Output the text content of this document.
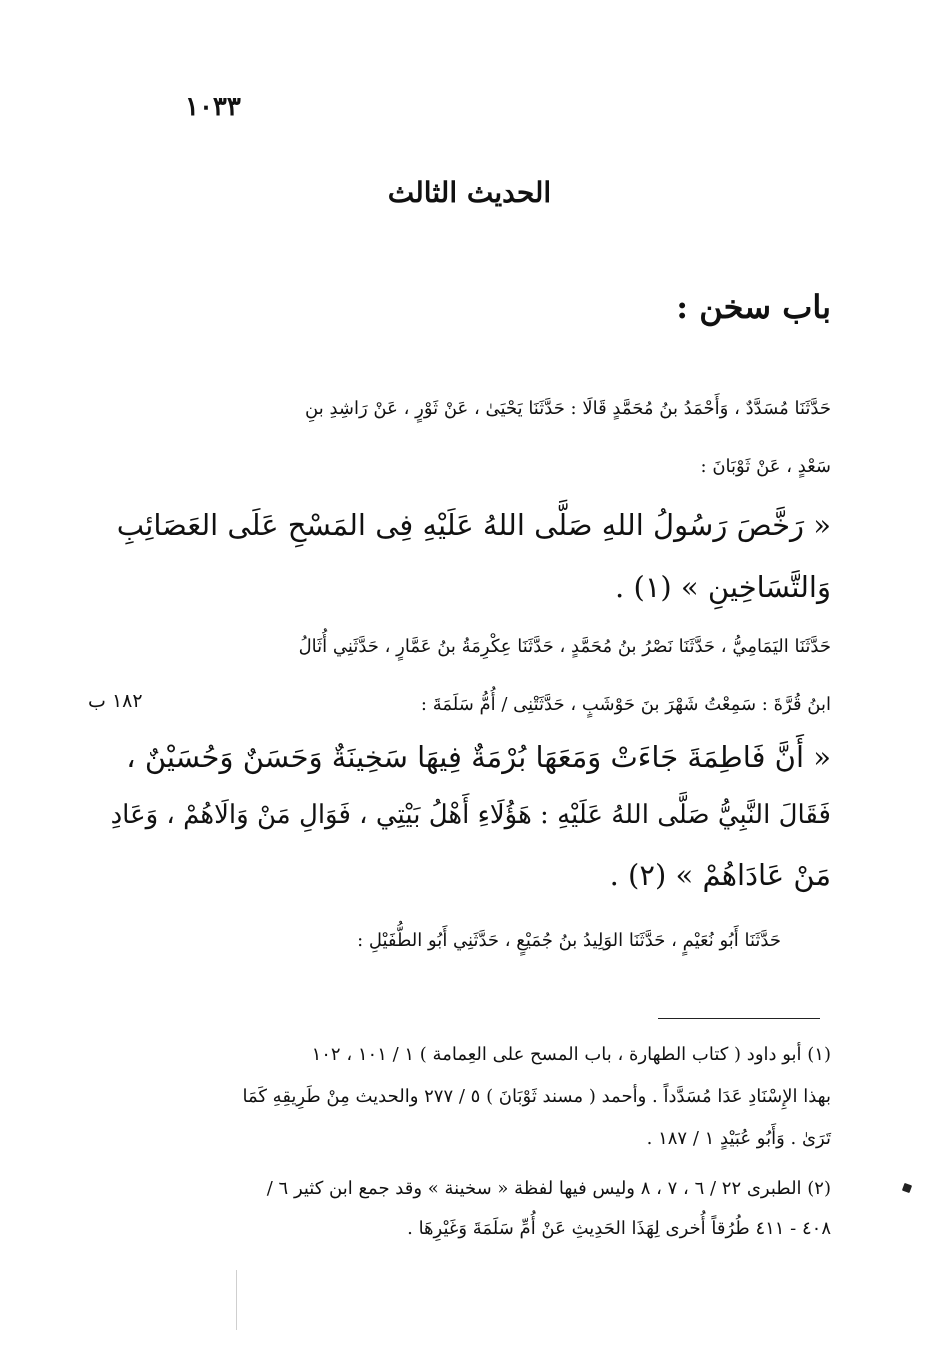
١٠٣٣
الحديث الثالث
باب سخن :
حَدَّثَنَا مُسَدَّدٌ ، وَأَحْمَدُ بنُ مُحَمَّدٍ قَالَا : حَدَّثَنَا يَحْيَىٰ ، عَنْ ثَوْرٍ ، عَنْ رَاشِدِ بنِ
سَعْدٍ ، عَنْ ثَوْبَانَ :
« رَخَّصَ رَسُولُ اللهِ صَلَّى اللهُ عَلَيْهِ فِى المَسْحِ عَلَى العَصَائِبِ
وَالتَّسَاخِينِ » (١) .
حَدَّثَنَا اليَمَامِيُّ ، حَدَّثَنَا نَصْرُ بنُ مُحَمَّدٍ ، حَدَّثَنَا عِكْرِمَةُ بنُ عَمَّارٍ ، حَدَّثَنِي أُثَالُ
ابنُ قُرَّةَ : سَمِعْتُ شَهْرَ بنَ حَوْشَبٍ ، حَدَّثَتْنِى / أُمُّ سَلَمَةَ :
١٨٢ ب
« أَنَّ فَاطِمَةَ جَاءَتْ وَمَعَهَا بُرْمَةٌ فِيهَا سَخِينَةٌ وَحَسَنٌ وَحُسَيْنٌ ،
فَقَالَ النَّبِيُّ صَلَّى اللهُ عَلَيْهِ : هَؤُلَاءِ أَهْلُ بَيْتِي ، فَوَالِ مَنْ وَالَاهُمْ ، وَعَادِ
مَنْ عَادَاهُمْ » (٢) .
حَدَّثَنَا أَبُو نُعَيْمٍ ، حَدَّثَنَا الوَلِيدُ بنُ جُمَيْعٍ ، حَدَّثَنِي أَبُو الطُّفَيْلِ :
(١) أبو داود ( كتاب الطهارة ، باب المسح على العِمامة ) ١ / ١٠١ ، ١٠٢
بهذا الإِسْنَادِ عَدَا مُسَدَّداً . وأحمد ( مسند ثَوْبَانَ ) ٥ / ٢٧٧ والحديث مِنْ طَرِيقِهِ كَمَا
تَرَىٰ . وَأَبُو عُبَيْدٍ ١ / ١٨٧ .
(٢) الطبرى ٢٢ / ٦ ، ٧ ، ٨ وليس فيها لفظة « سخينة » وقد جمع ابن كثير ٦ /
٤٠٨ - ٤١١ طُرُقاً أُخرى لِهَذَا الحَدِيثِ عَنْ أُمِّ سَلَمَةَ وَغَيْرِهَا .
